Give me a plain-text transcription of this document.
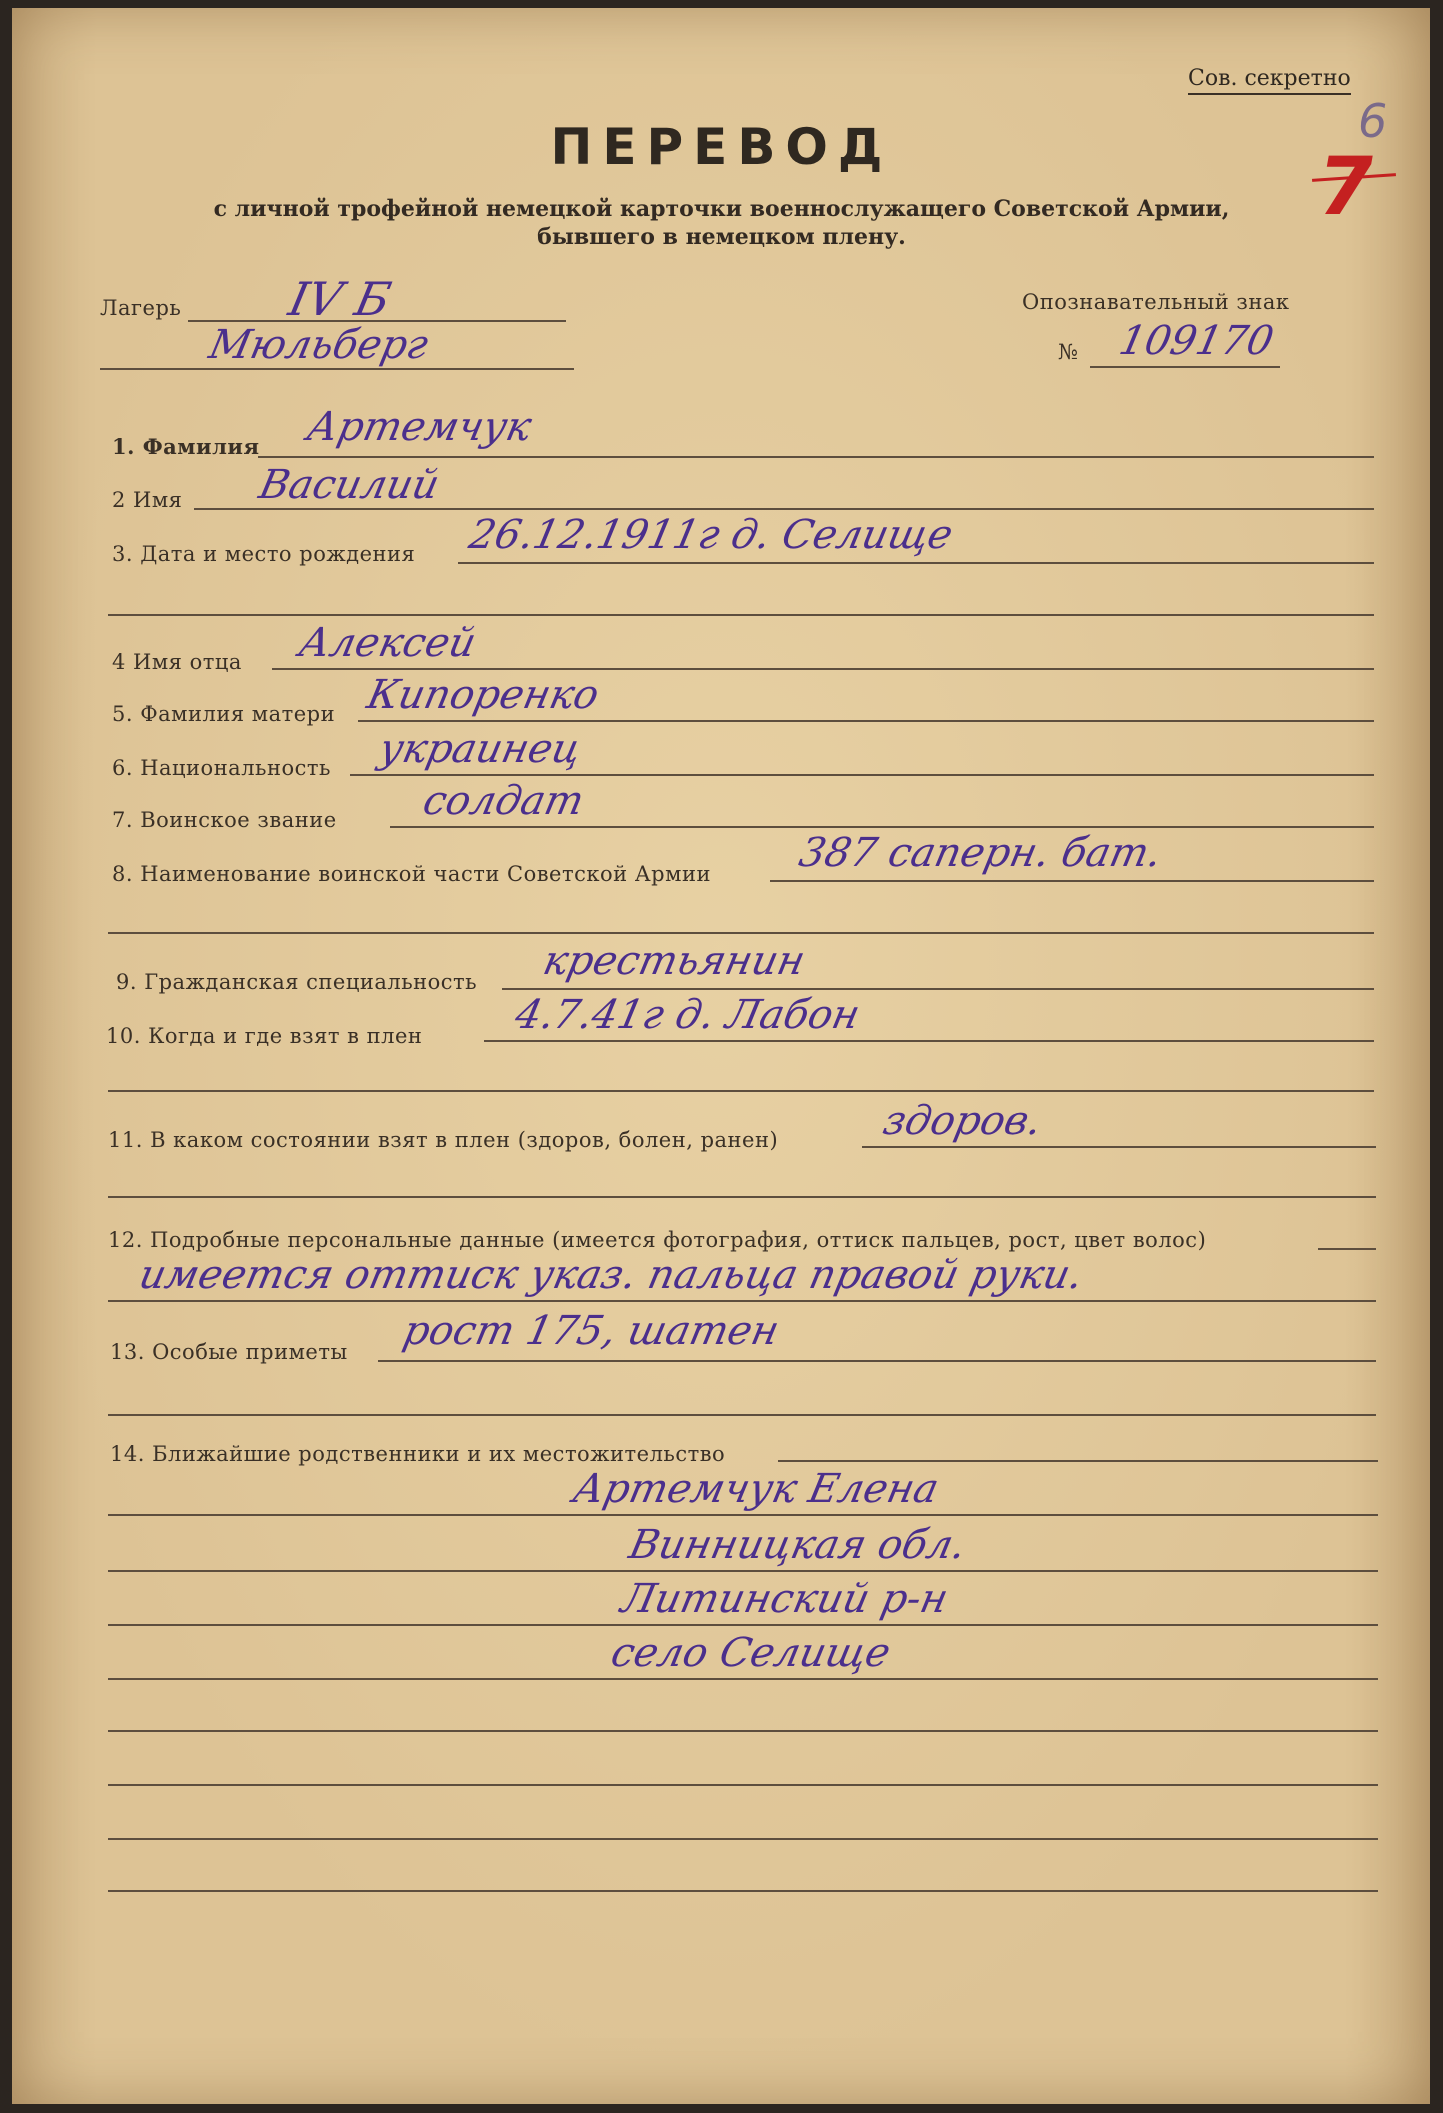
Сов. секретно
6
7
ПЕРЕВОД
с личной трофейной немецкой карточки военнослужащего Советской Армии,
бывшего в немецком плену.
Лагерь IV Б
Мюльберг
Опознавательный знак
№ 109170
1. Фамилия Артемчук
2 Имя Василий
3. Дата и место рождения 26.12.1911г д. Селище
4 Имя отца Алексей
5. Фамилия матери Кипоренко
6. Национальность украинец
7. Воинское звание солдат
8. Наименование воинской части Советской Армии 387 саперн. бат.
9. Гражданская специальность крестьянин
10. Когда и где взят в плен 4.7.41г д. Лабон
11. В каком состоянии взят в плен (здоров, болен, ранен)	здоров.
12. Подробные персональные данные (имеется фотография, оттиск пальцев, рост, цвет волос)
имеется оттиск указ. пальца правой руки.
13. Особые приметы рост 175, шатен
14. Ближайшие родственники и их местожительство
Артемчук Елена
Винницкая обл.
Литинский р-н
село Селище
